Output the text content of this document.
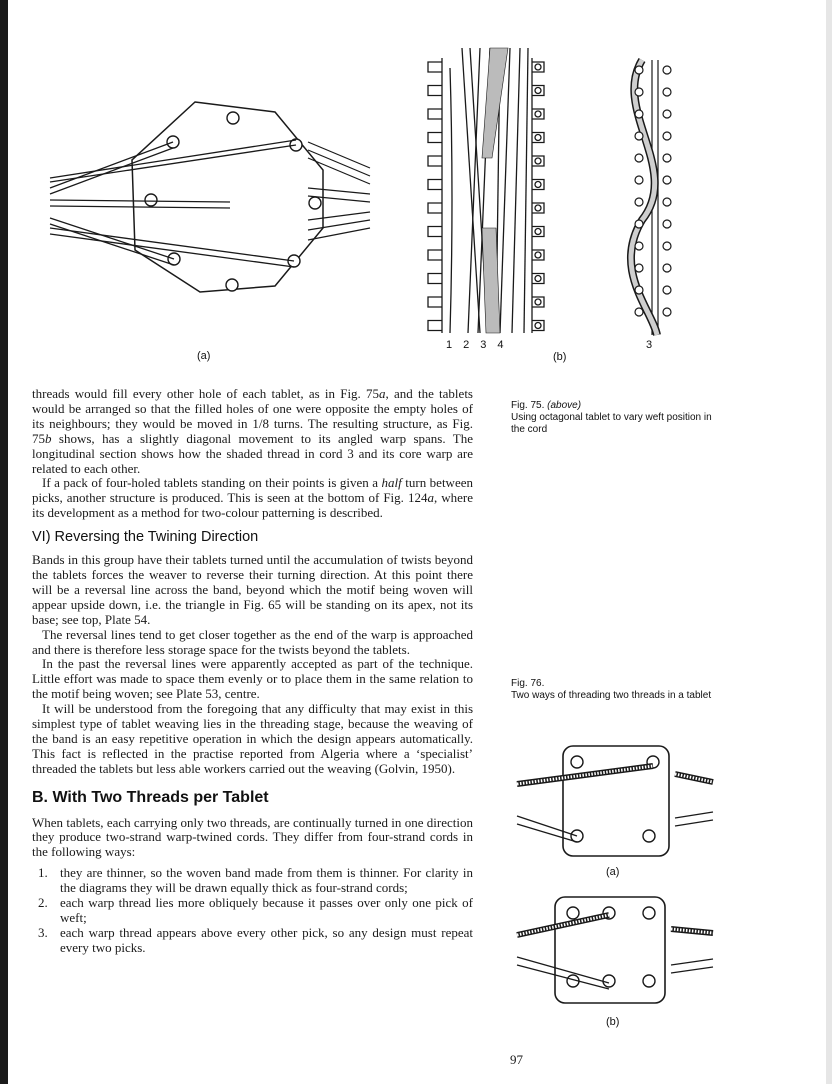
(a)
1234
(b)
3
Fig. 75. (above)
Using octagonal tablet to vary weft position in the cord
Fig. 76.
Two ways of threading two threads in a tablet
(a)
(b)

threads would fill every other hole of each tablet, as in Fig. 75a, and the tablets would be arranged so that the filled holes of one were opposite the empty holes of its neighbours; they would be moved in 1/8 turns. The resulting structure, as Fig. 75b shows, has a slightly diagonal movement to its angled warp spans. The longitudinal section shows how the shaded thread in cord 3 and its core warp are related to each other.

If a pack of four-holed tablets standing on their points is given a half turn between picks, another structure is produced. This is seen at the bottom of Fig. 124a, where its development as a method for two-colour patterning is described.

VI) Reversing the Twining Direction

Bands in this group have their tablets turned until the accumulation of twists beyond the tablets forces the weaver to reverse their turning direction. At this point there will be a reversal line across the band, beyond which the motif being woven will appear upside down, i.e. the triangle in Fig. 65 will be standing on its apex, not its base; see top, Plate 54.

The reversal lines tend to get closer together as the end of the warp is approached and there is therefore less storage space for the twists beyond the tablets.

In the past the reversal lines were apparently accepted as part of the technique. Little effort was made to space them evenly or to place them in the same relation to the motif being woven; see Plate 53, centre.

It will be understood from the foregoing that any difficulty that may exist in this simplest type of tablet weaving lies in the threading stage, because the weaving of the band is an easy repetitive operation in which the design appears automatically. This fact is reflected in the practise reported from Algeria where a ‘specialist’ threaded the tablets but less able workers carried out the weaving (Golvin, 1950).

B. With Two Threads per Tablet

When tablets, each carrying only two threads, are continually turned in one direction they produce two-strand warp-twined cords. They differ from four-strand cords in the following ways:

1. they are thinner, so the woven band made from them is thinner. For clarity in the diagrams they will be drawn equally thick as four-strand cords;
2. each warp thread lies more obliquely because it passes over only one pick of weft;
3. each warp thread appears above every other pick, so any design must repeat every two picks.
97
